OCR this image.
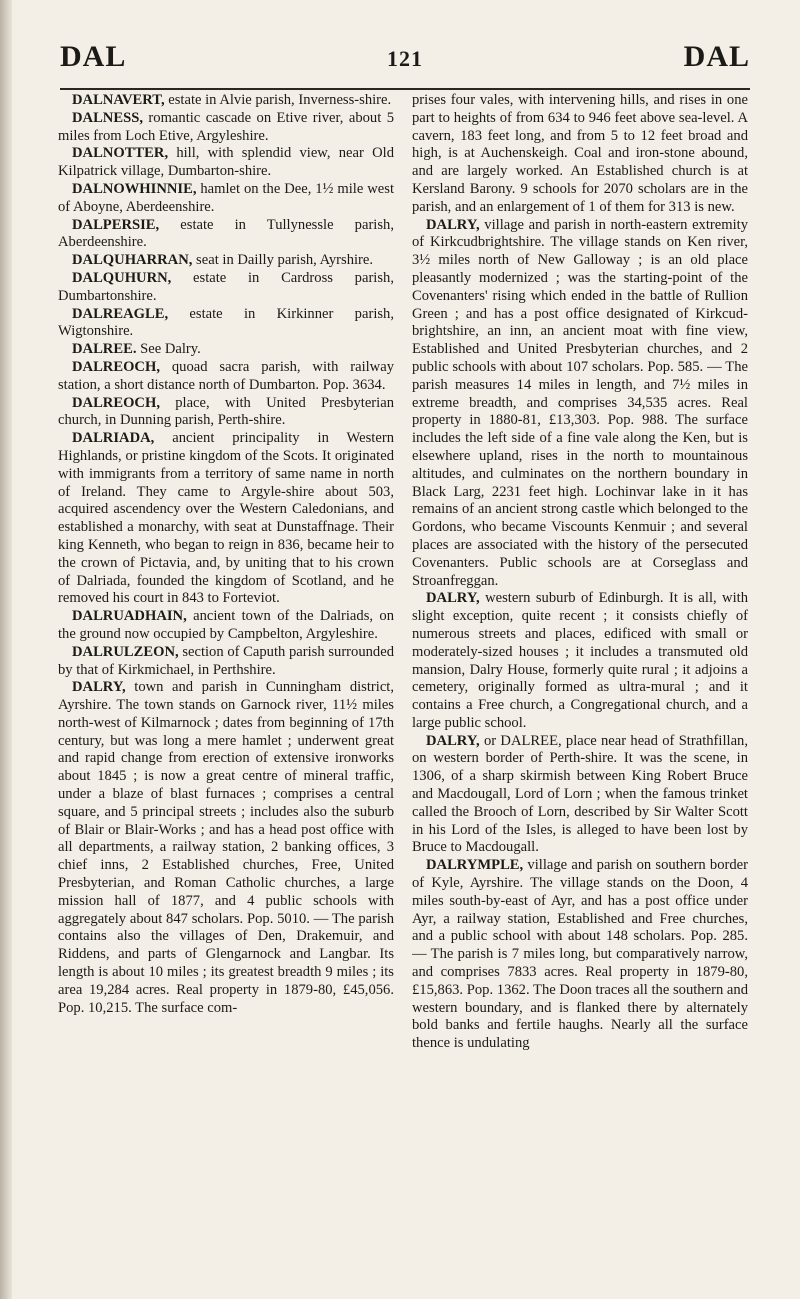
121
DAL	DAL

DALNAVERT, estate in Alvie parish, Inverness-shire.

DALNESS, romantic cascade on Etive river, about 5 miles from Loch Etive, Argyleshire.

DALNOTTER, hill, with splendid view, near Old Kilpatrick village, Dumbarton-shire.

DALNOWHINNIE, hamlet on the Dee, 1½ mile west of Aboyne, Aberdeenshire.

DALPERSIE, estate in Tullynessle parish, Aberdeenshire.

DALQUHARRAN, seat in Dailly parish, Ayrshire.

DALQUHURN, estate in Cardross parish, Dumbartonshire.

DALREAGLE, estate in Kirkinner parish, Wigtonshire.

DALREE. See Dalry.

DALREOCH, quoad sacra parish, with railway station, a short distance north of Dumbarton. Pop. 3634.

DALREOCH, place, with United Presbyterian church, in Dunning parish, Perth-shire.

DALRIADA, ancient principality in Western Highlands, or pristine kingdom of the Scots. It originated with immigrants from a territory of same name in north of Ireland. They came to Argyle-shire about 503, acquired ascendency over the Western Caledonians, and established a monarchy, with seat at Dunstaffnage. Their king Kenneth, who began to reign in 836, became heir to the crown of Pictavia, and, by uniting that to his crown of Dalriada, founded the kingdom of Scotland, and he removed his court in 843 to Forteviot.

DALRUADHAIN, ancient town of the Dalriads, on the ground now occupied by Campbelton, Argyleshire.

DALRULZEON, section of Caputh parish surrounded by that of Kirkmichael, in Perthshire.

DALRY, town and parish in Cunningham district, Ayrshire. The town stands on Garnock river, 11½ miles north-west of Kilmarnock ; dates from beginning of 17th century, but was long a mere hamlet ; underwent great and rapid change from erection of extensive ironworks about 1845 ; is now a great centre of mineral traffic, under a blaze of blast furnaces ; comprises a central square, and 5 principal streets ; includes also the suburb of Blair or Blair-Works ; and has a head post office with all departments, a railway station, 2 banking offices, 3 chief inns, 2 Established churches, Free, United Presbyterian, and Roman Catholic churches, a large mission hall of 1877, and 4 public schools with aggregately about 847 scholars. Pop. 5010. — The parish contains also the villages of Den, Drakemuir, and Riddens, and parts of Glengarnock and Langbar. Its length is about 10 miles ; its greatest breadth 9 miles ; its area 19,284 acres. Real property in 1879-80, £45,056. Pop. 10,215. The surface com-

prises four vales, with intervening hills, and rises in one part to heights of from 634 to 946 feet above sea-level. A cavern, 183 feet long, and from 5 to 12 feet broad and high, is at Auchenskeigh. Coal and iron-stone abound, and are largely worked. An Established church is at Kersland Barony. 9 schools for 2070 scholars are in the parish, and an enlargement of 1 of them for 313 is new.

DALRY, village and parish in north-eastern extremity of Kirkcudbrightshire. The village stands on Ken river, 3½ miles north of New Galloway ; is an old place pleasantly modernized ; was the starting-point of the Covenanters' rising which ended in the battle of Rullion Green ; and has a post office designated of Kirkcud-brightshire, an inn, an ancient moat with fine view, Established and United Presbyterian churches, and 2 public schools with about 107 scholars. Pop. 585. — The parish measures 14 miles in length, and 7½ miles in extreme breadth, and comprises 34,535 acres. Real property in 1880-81, £13,303. Pop. 988. The surface includes the left side of a fine vale along the Ken, but is elsewhere upland, rises in the north to mountainous altitudes, and culminates on the northern boundary in Black Larg, 2231 feet high. Lochinvar lake in it has remains of an ancient strong castle which belonged to the Gordons, who became Viscounts Kenmuir ; and several places are associated with the history of the persecuted Covenanters. Public schools are at Corseglass and Stroanfreggan.

DALRY, western suburb of Edinburgh. It is all, with slight exception, quite recent ; it consists chiefly of numerous streets and places, edificed with small or moderately-sized houses ; it includes a transmuted old mansion, Dalry House, formerly quite rural ; it adjoins a cemetery, originally formed as ultra-mural ; and it contains a Free church, a Congregational church, and a large public school.

DALRY, or DALREE, place near head of Strathfillan, on western border of Perth-shire. It was the scene, in 1306, of a sharp skirmish between King Robert Bruce and Macdougall, Lord of Lorn ; when the famous trinket called the Brooch of Lorn, described by Sir Walter Scott in his Lord of the Isles, is alleged to have been lost by Bruce to Macdougall.

DALRYMPLE, village and parish on southern border of Kyle, Ayrshire. The village stands on the Doon, 4 miles south-by-east of Ayr, and has a post office under Ayr, a railway station, Established and Free churches, and a public school with about 148 scholars. Pop. 285. — The parish is 7 miles long, but comparatively narrow, and comprises 7833 acres. Real property in 1879-80, £15,863. Pop. 1362. The Doon traces all the southern and western boundary, and is flanked there by alternately bold banks and fertile haughs. Nearly all the surface thence is undulating
